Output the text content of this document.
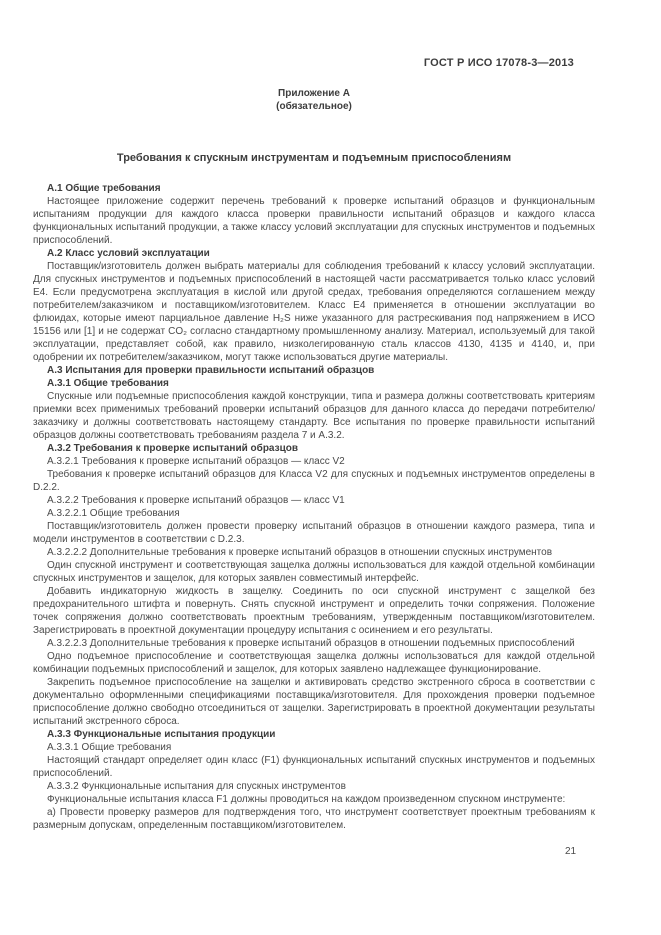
ГОСТ Р ИСО 17078-3—2013
Приложение А
(обязательное)
Требования к спускным инструментам и подъемным приспособлениям
А.1 Общие требования
Настоящее приложение содержит перечень требований к проверке испытаний образцов и функциональным испытаниям продукции для каждого класса проверки правильности испытаний образцов и каждого класса функциональных испытаний продукции, а также классу условий эксплуатации для спускных инструментов и подъемных приспособлений.
А.2 Класс условий эксплуатации
Поставщик/изготовитель должен выбрать материалы для соблюдения требований к классу условий эксплуатации. Для спускных инструментов и подъемных приспособлений в настоящей части рассматривается только класс условий Е4. Если предусмотрена эксплуатация в кислой или другой средах, требования определяются соглашением между потребителем/заказчиком и поставщиком/изготовителем. Класс Е4 применяется в отношении эксплуатации во флюидах, которые имеют парциальное давление H₂S ниже указанного для растрескивания под напряжением в ИСО 15156 или [1] и не содержат CO₂ согласно стандартному промышленному анализу. Материал, используемый для такой эксплуатации, представляет собой, как правило, низколегированную сталь классов 4130, 4135 и 4140, и, при одобрении их потребителем/заказчиком, могут также использоваться другие материалы.
А.3 Испытания для проверки правильности испытаний образцов
А.3.1 Общие требования
Спускные или подъемные приспособления каждой конструкции, типа и размера должны соответствовать критериям приемки всех применимых требований проверки испытаний образцов для данного класса до передачи потребителю/заказчику и должны соответствовать настоящему стандарту. Все испытания по проверке правильности испытаний образцов должны соответствовать требованиям раздела 7 и А.3.2.
А.3.2 Требования к проверке испытаний образцов
А.3.2.1 Требования к проверке испытаний образцов — класс V2
Требования к проверке испытаний образцов для Класса V2 для спускных и подъемных инструментов определены в D.2.2.
А.3.2.2 Требования к проверке испытаний образцов — класс V1
А.3.2.2.1 Общие требования
Поставщик/изготовитель должен провести проверку испытаний образцов в отношении каждого размера, типа и модели инструментов в соответствии с D.2.3.
А.3.2.2.2 Дополнительные требования к проверке испытаний образцов в отношении спускных инструментов
Один спускной инструмент и соответствующая защелка должны использоваться для каждой отдельной комбинации спускных инструментов и защелок, для которых заявлен совместимый интерфейс.
Добавить индикаторную жидкость в защелку. Соединить по оси спускной инструмент с защелкой без предохранительного штифта и повернуть. Снять спускной инструмент и определить точки сопряжения. Положение точек сопряжения должно соответствовать проектным требованиям, утвержденным поставщиком/изготовителем. Зарегистрировать в проектной документации процедуру испытания с осинением и его результаты.
А.3.2.2.3 Дополнительные требования к проверке испытаний образцов в отношении подъемных приспособлений
Одно подъемное приспособление и соответствующая защелка должны использоваться для каждой отдельной комбинации подъемных приспособлений и защелок, для которых заявлено надлежащее функционирование.
Закрепить подъемное приспособление на защелки и активировать средство экстренного сброса в соответствии с документально оформленными спецификациями поставщика/изготовителя. Для прохождения проверки подъемное приспособление должно свободно отсоединиться от защелки. Зарегистрировать в проектной документации результаты испытаний экстренного сброса.
А.3.3 Функциональные испытания продукции
А.3.3.1 Общие требования
Настоящий стандарт определяет один класс (F1) функциональных испытаний спускных инструментов и подъемных приспособлений.
А.3.3.2 Функциональные испытания для спускных инструментов
Функциональные испытания класса F1 должны проводиться на каждом произведенном спускном инструменте:
а) Провести проверку размеров для подтверждения того, что инструмент соответствует проектным требованиям к размерным допускам, определенным поставщиком/изготовителем.
21
